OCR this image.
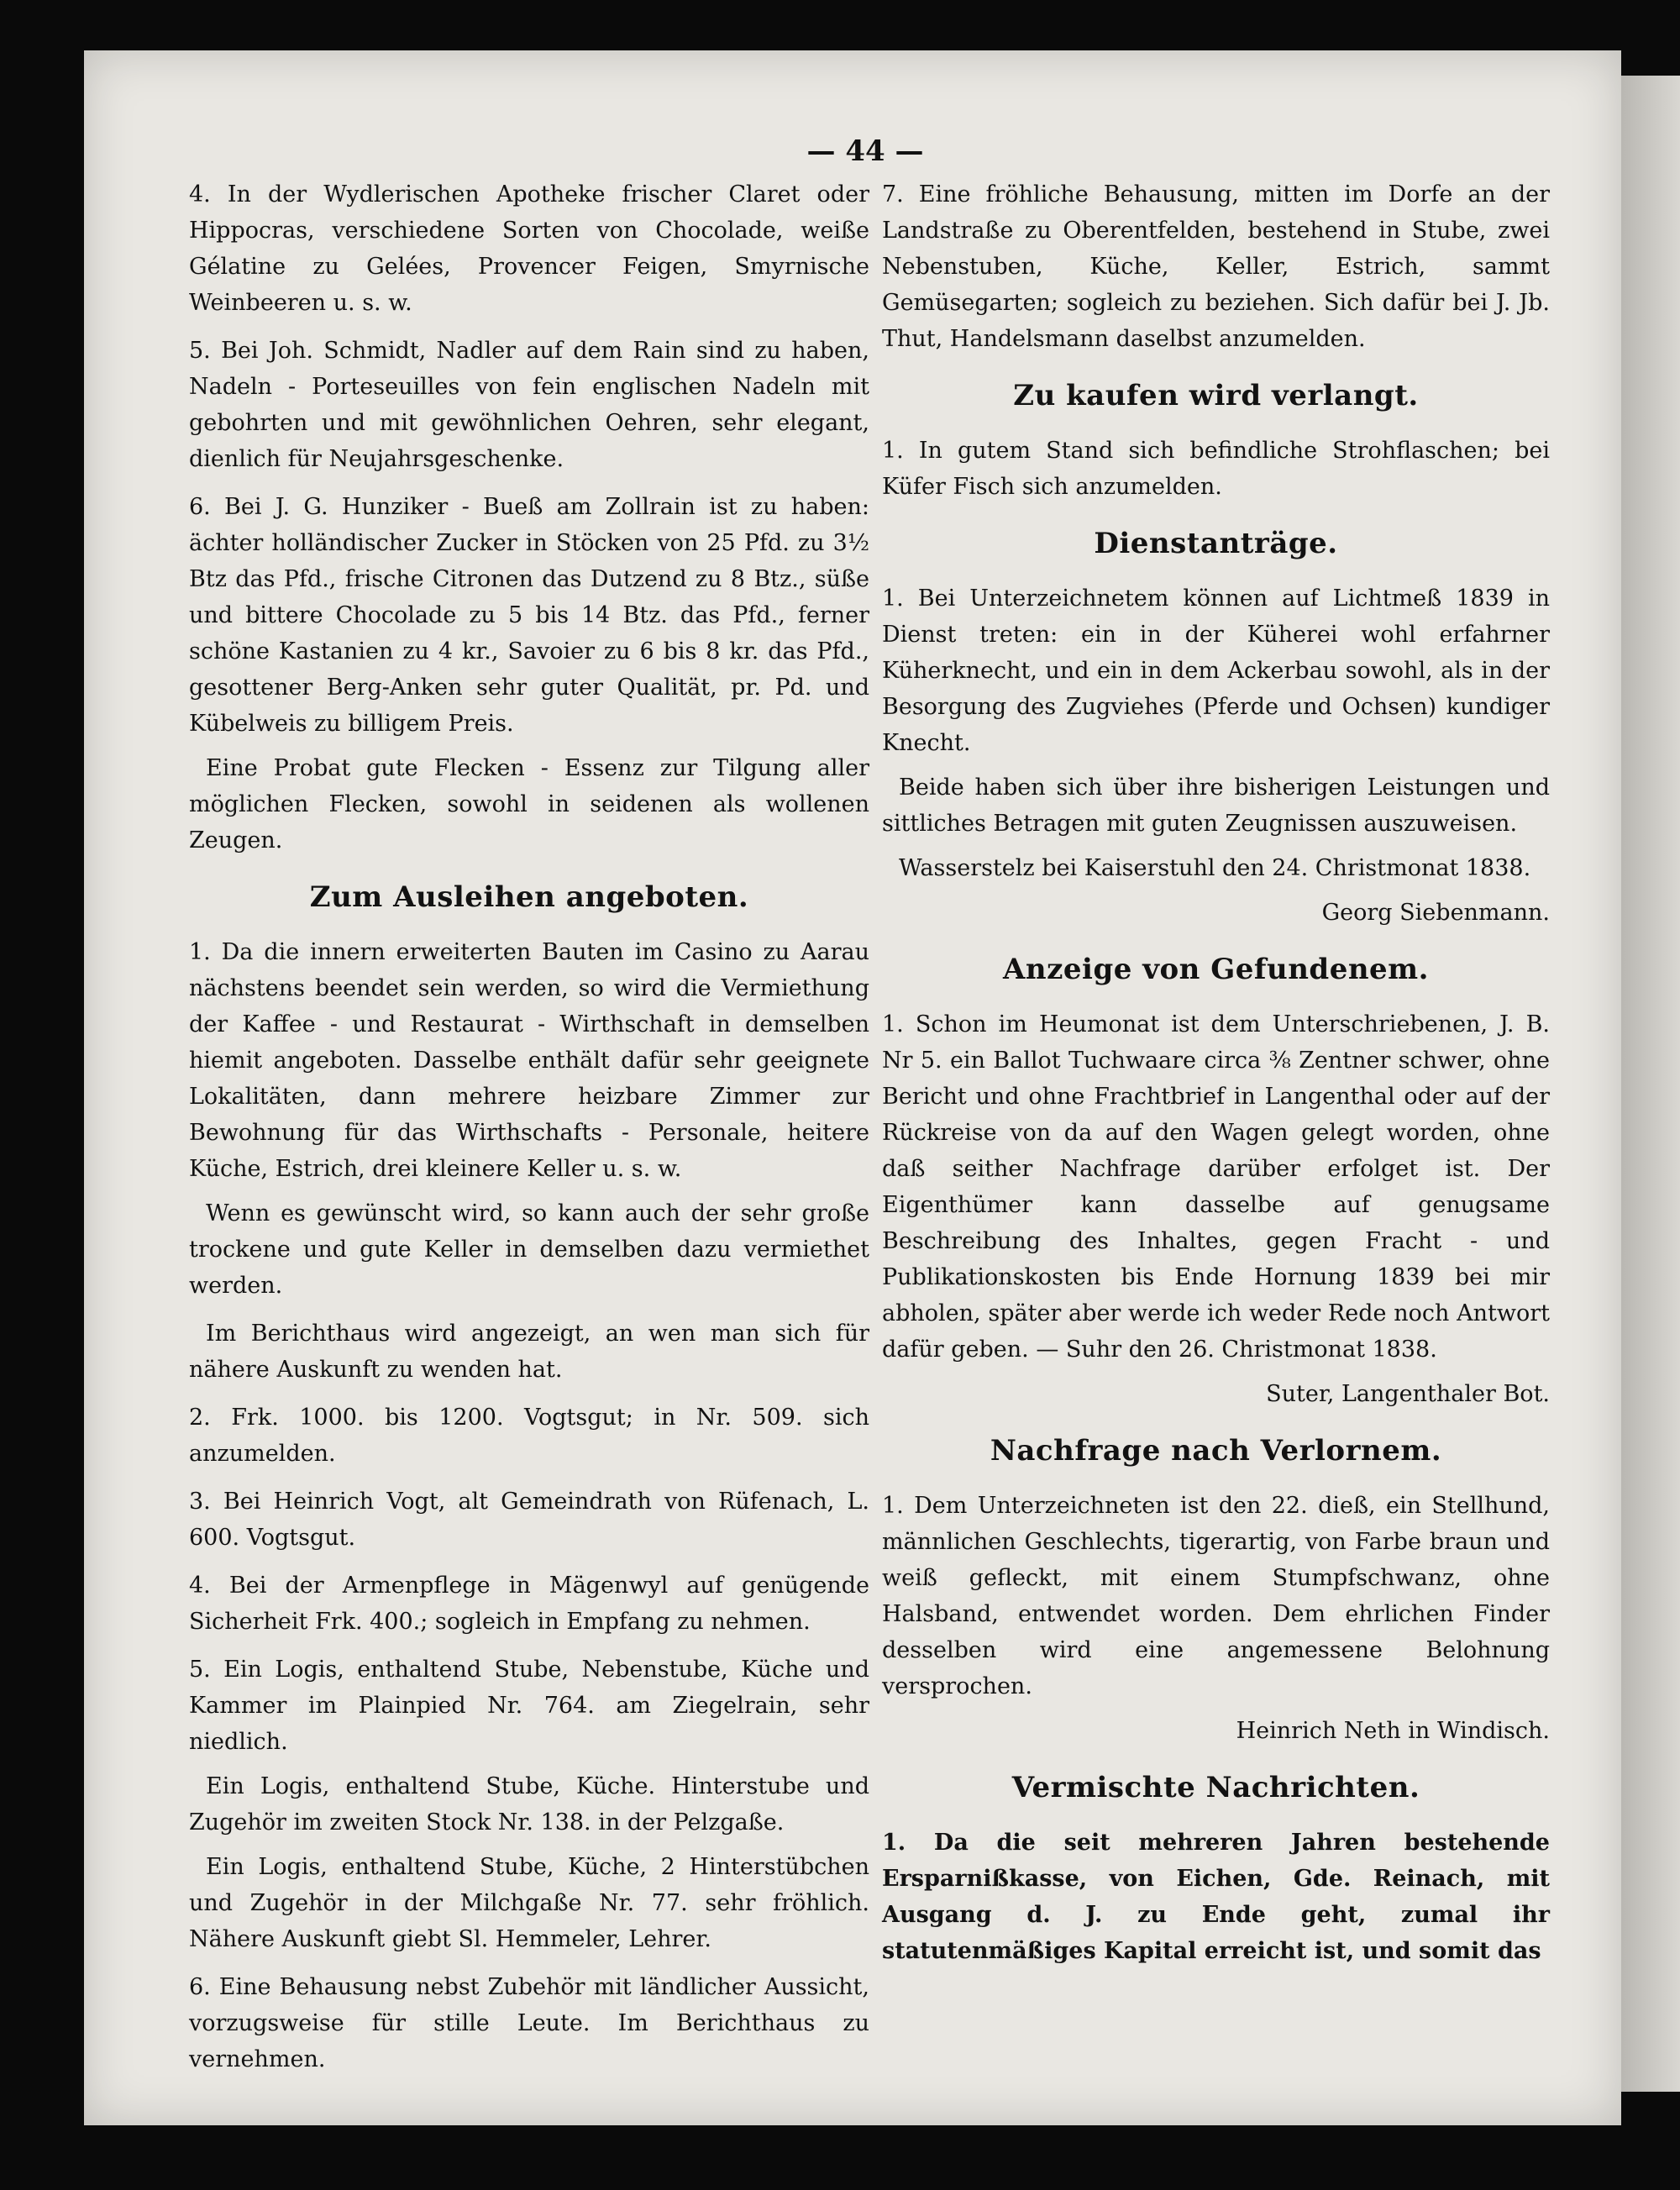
— 44 —

4. In der Wydlerischen Apotheke frischer Claret oder Hippocras, verschiedene Sorten von Chocolade, weiße Gélatine zu Gelées, Provencer Feigen, Smyrnische Weinbeeren u. s. w.

5. Bei Joh. Schmidt, Nadler auf dem Rain sind zu haben, Nadeln - Porteseuilles von fein englischen Nadeln mit gebohrten und mit gewöhnlichen Oehren, sehr elegant, dienlich für Neujahrsgeschenke.

6. Bei J. G. Hunziker - Bueß am Zollrain ist zu haben: ächter holländischer Zucker in Stöcken von 25 Pfd. zu 3½ Btz das Pfd., frische Citronen das Dutzend zu 8 Btz., süße und bittere Chocolade zu 5 bis 14 Btz. das Pfd., ferner schöne Kastanien zu 4 kr., Savoier zu 6 bis 8 kr. das Pfd., gesottener Berg-Anken sehr guter Qualität, pr. Pd. und Kübelweis zu billigem Preis.

Eine Probat gute Flecken - Essenz zur Tilgung aller möglichen Flecken, sowohl in seidenen als wollenen Zeugen.

Zum Ausleihen angeboten.

1. Da die innern erweiterten Bauten im Casino zu Aarau nächstens beendet sein werden, so wird die Vermiethung der Kaffee - und Restaurat - Wirthschaft in demselben hiemit angeboten. Dasselbe enthält dafür sehr geeignete Lokalitäten, dann mehrere heizbare Zimmer zur Bewohnung für das Wirthschafts - Personale, heitere Küche, Estrich, drei kleinere Keller u. s. w.

Wenn es gewünscht wird, so kann auch der sehr große trockene und gute Keller in demselben dazu vermiethet werden.

Im Berichthaus wird angezeigt, an wen man sich für nähere Auskunft zu wenden hat.

2. Frk. 1000. bis 1200. Vogtsgut; in Nr. 509. sich anzumelden.

3. Bei Heinrich Vogt, alt Gemeindrath von Rüfenach, L. 600. Vogtsgut.

4. Bei der Armenpflege in Mägenwyl auf genügende Sicherheit Frk. 400.; sogleich in Empfang zu nehmen.

5. Ein Logis, enthaltend Stube, Nebenstube, Küche und Kammer im Plainpied Nr. 764. am Ziegelrain, sehr niedlich.

Ein Logis, enthaltend Stube, Küche. Hinterstube und Zugehör im zweiten Stock Nr. 138. in der Pelzgaße.

Ein Logis, enthaltend Stube, Küche, 2 Hinterstübchen und Zugehör in der Milchgaße Nr. 77. sehr fröhlich. Nähere Auskunft giebt Sl. Hemmeler, Lehrer.

6. Eine Behausung nebst Zubehör mit ländlicher Aussicht, vorzugsweise für stille Leute. Im Berichthaus zu vernehmen.

7. Eine fröhliche Behausung, mitten im Dorfe an der Landstraße zu Oberentfelden, bestehend in Stube, zwei Nebenstuben, Küche, Keller, Estrich, sammt Gemüsegarten; sogleich zu beziehen. Sich dafür bei J. Jb. Thut, Handelsmann daselbst anzumelden.

Zu kaufen wird verlangt.

1. In gutem Stand sich befindliche Strohflaschen; bei Küfer Fisch sich anzumelden.

Dienstanträge.

1. Bei Unterzeichnetem können auf Lichtmeß 1839 in Dienst treten: ein in der Küherei wohl erfahrner Küherknecht, und ein in dem Ackerbau sowohl, als in der Besorgung des Zugviehes (Pferde und Ochsen) kundiger Knecht.

Beide haben sich über ihre bisherigen Leistungen und sittliches Betragen mit guten Zeugnissen auszuweisen.

Wasserstelz bei Kaiserstuhl den 24. Christmonat 1838.

Georg Siebenmann.
Anzeige von Gefundenem.

1. Schon im Heumonat ist dem Unterschriebenen, J. B. Nr 5. ein Ballot Tuchwaare circa ⅜ Zentner schwer, ohne Bericht und ohne Frachtbrief in Langenthal oder auf der Rückreise von da auf den Wagen gelegt worden, ohne daß seither Nachfrage darüber erfolget ist. Der Eigenthümer kann dasselbe auf genugsame Beschreibung des Inhaltes, gegen Fracht - und Publikationskosten bis Ende Hornung 1839 bei mir abholen, später aber werde ich weder Rede noch Antwort dafür geben. — Suhr den 26. Christmonat 1838.

Suter, Langenthaler Bot.
Nachfrage nach Verlornem.

1. Dem Unterzeichneten ist den 22. dieß, ein Stellhund, männlichen Geschlechts, tigerartig, von Farbe braun und weiß gefleckt, mit einem Stumpfschwanz, ohne Halsband, entwendet worden. Dem ehrlichen Finder desselben wird eine angemessene Belohnung versprochen.

Heinrich Neth in Windisch.
Vermischte Nachrichten.

1. Da die seit mehreren Jahren bestehende Ersparnißkasse, von Eichen, Gde. Reinach, mit Ausgang d. J. zu Ende geht, zumal ihr statutenmäßiges Kapital erreicht ist, und somit das
